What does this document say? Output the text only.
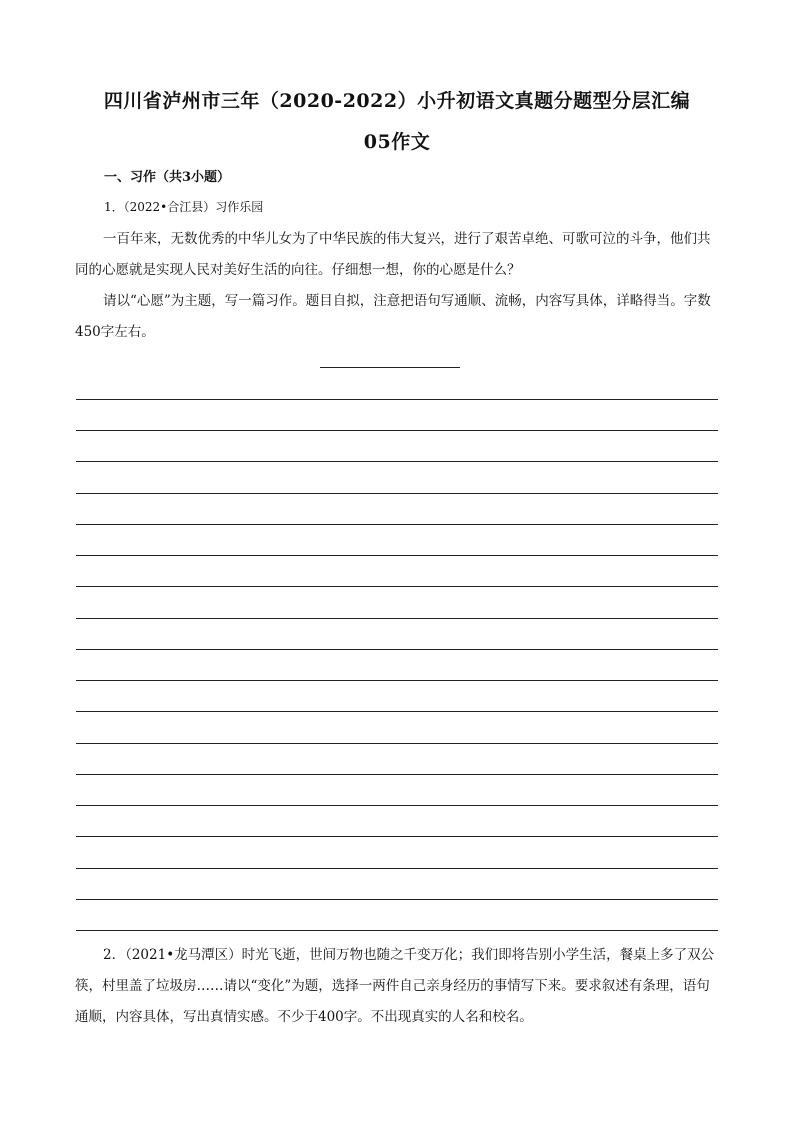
四川省泸州市三年（2020-2022）小升初语文真题分题型分层汇编
05作文
一、习作（共3小题）
1．（2022•合江县）习作乐园
一百年来，无数优秀的中华儿女为了中华民族的伟大复兴，进行了艰苦卓绝、可歌可泣的斗争，他们共同的心愿就是实现人民对美好生活的向往。仔细想一想，你的心愿是什么？
请以“心愿”为主题，写一篇习作。题目自拟，注意把语句写通顺、流畅，内容写具体，详略得当。字数450字左右。
2．（2021•龙马潭区）时光飞逝，世间万物也随之千变万化；我们即将告别小学生活，餐桌上多了双公筷，村里盖了垃圾房……请以“变化”为题，选择一两件自己亲身经历的事情写下来。要求叙述有条理，语句通顺，内容具体，写出真情实感。不少于400字。不出现真实的人名和校名。
